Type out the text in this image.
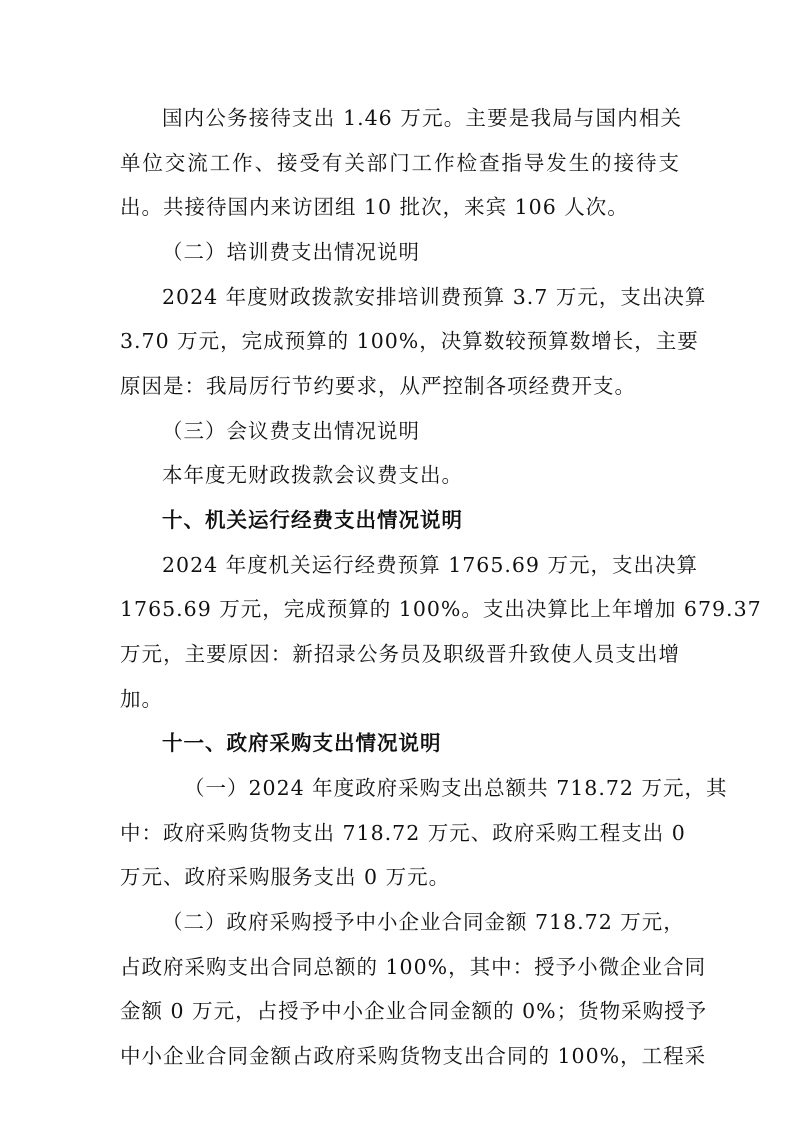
国内公务接待支出 1.46 万元。主要是我局与国内相关
单位交流工作、接受有关部门工作检查指导发生的接待支
出。共接待国内来访团组 10 批次，来宾 106 人次。
（二）培训费支出情况说明
2024 年度财政拨款安排培训费预算 3.7 万元，支出决算
3.70 万元，完成预算的 100%，决算数较预算数增长，主要
原因是：我局厉行节约要求，从严控制各项经费开支。
（三）会议费支出情况说明
本年度无财政拨款会议费支出。
十、机关运行经费支出情况说明
2024 年度机关运行经费预算 1765.69 万元，支出决算
1765.69 万元，完成预算的 100%。支出决算比上年增加 679.37
万元，主要原因：新招录公务员及职级晋升致使人员支出增
加。
十一、政府采购支出情况说明
（一）2024 年度政府采购支出总额共 718.72 万元，其
中：政府采购货物支出 718.72 万元、政府采购工程支出 0
万元、政府采购服务支出 0 万元。
（二）政府采购授予中小企业合同金额 718.72 万元，
占政府采购支出合同总额的 100%，其中：授予小微企业合同
金额 0 万元，占授予中小企业合同金额的 0%；货物采购授予
中小企业合同金额占政府采购货物支出合同的 100%，工程采
